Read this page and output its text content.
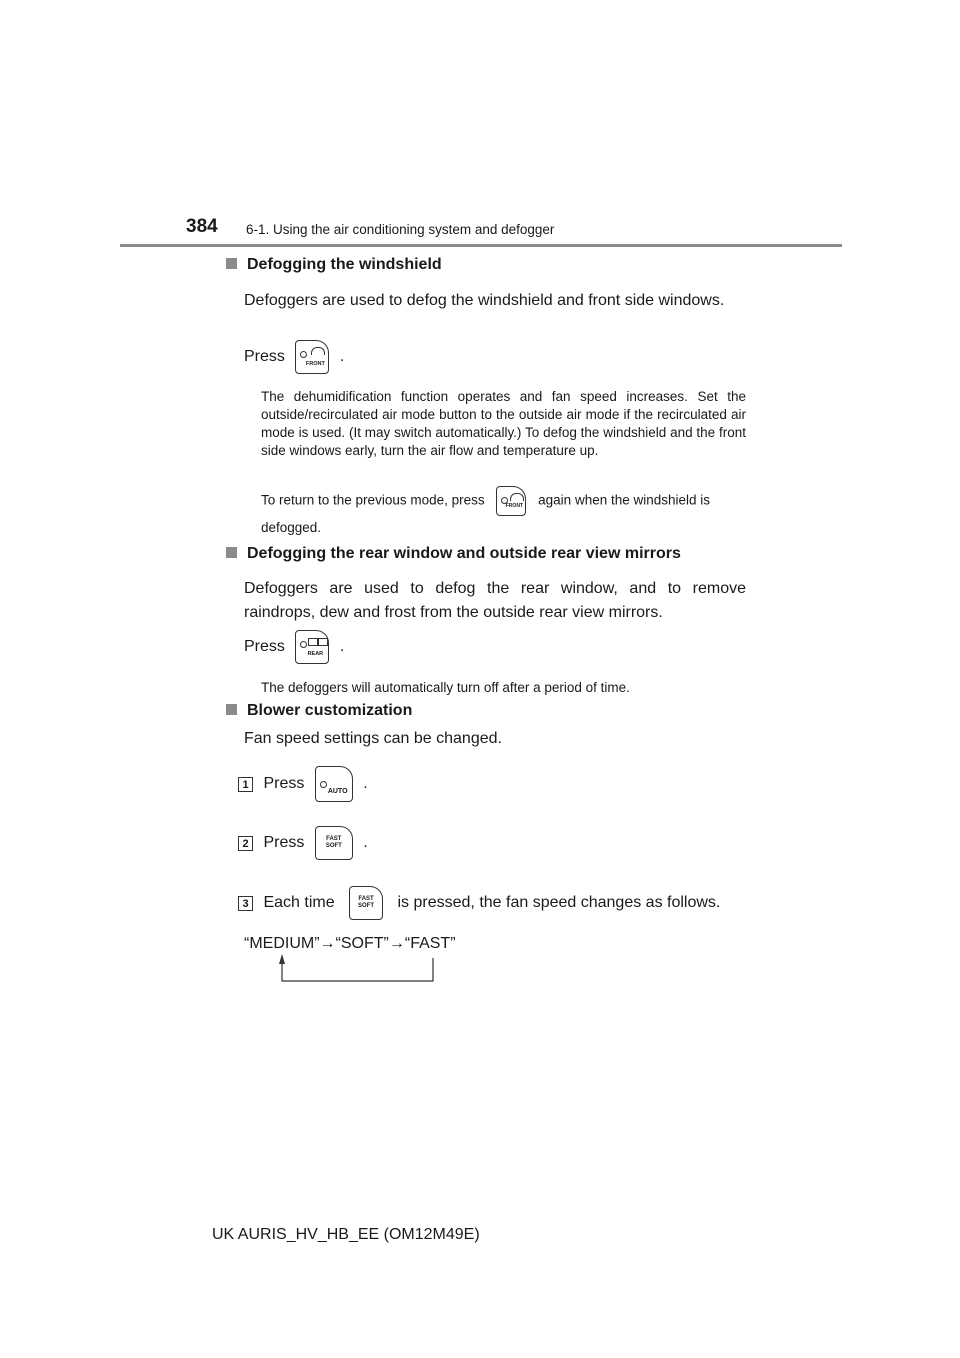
384 6-1. Using the air conditioning system and defogger
Defogging the windshield
Defoggers are used to defog the windshield and front side windows.
Press	FRONT .
The dehumidification function operates and fan speed increases. Set the outside/recirculated air mode button to the outside air mode if the recirculated air mode is used. (It may switch automatically.) To defog the windshield and the front side windows early, turn the air flow and temperature up.
To return to the previous mode, press	FRONT again when the windshield is defogged.
Defogging the rear window and outside rear view mirrors
Defoggers are used to defog the rear window, and to remove raindrops, dew and frost from the outside rear view mirrors.
Press	REAR .
The defoggers will automatically turn off after a period of time.
Blower customization
Fan speed settings can be changed.
1 Press	AUTO .
2 Press	FAST
SOFT	.
3 Each time	FAST
SOFT	is pressed, the fan speed changes as follows.
“MEDIUM”→“SOFT”→“FAST”
UK AURIS_HV_HB_EE (OM12M49E)
